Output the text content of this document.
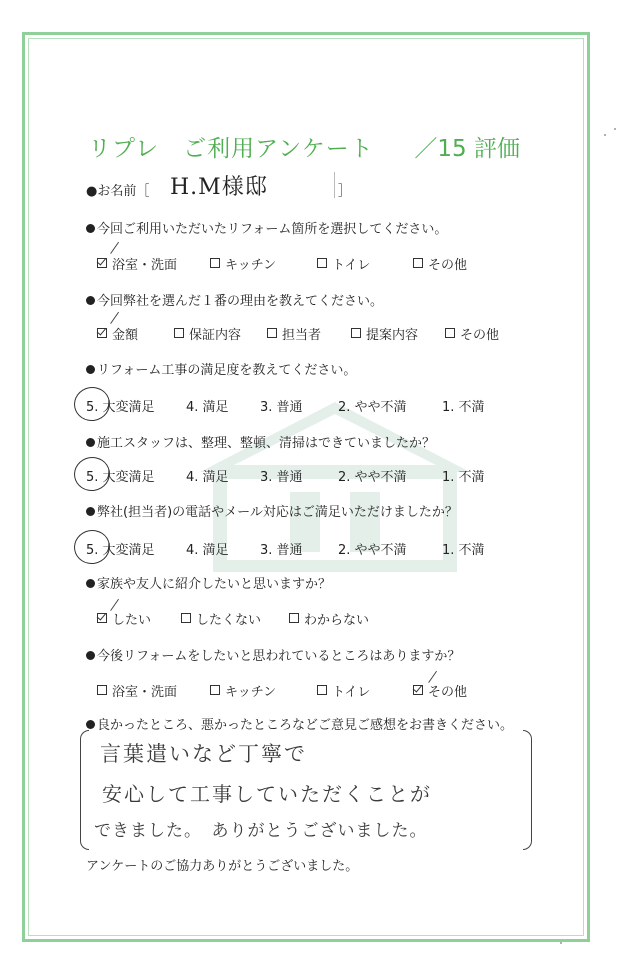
リプレ　ご利用アンケート ／15 評価
●お名前［ H.M様邸	］
今回ご利用いただいたリフォーム箇所を選択してください。
浴室・洗面	キッチン	トイレ	その他
今回弊社を選んだ１番の理由を教えてください。
金額	保証内容	担当者	提案内容	その他
リフォーム工事の満足度を教えてください。
5. 大変満足 4. 満足 3. 普通	2. やや不満	1. 不満
施工スタッフは、整理、整頓、清掃はできていましたか？
5. 大変満足 4. 満足 3. 普通	2. やや不満	1. 不満
弊社(担当者)の電話やメール対応はご満足いただけましたか？
5. 大変満足 4. 満足 3. 普通	2. やや不満	1. 不満
家族や友人に紹介したいと思いますか？
したい	したくない	わからない
今後リフォームをしたいと思われているところはありますか？
浴室・洗面	キッチン	トイレ	その他
良かったところ、悪かったところなどご意見ご感想をお書きください。
言葉遣いなど丁寧で
安心して工事していただくことが
できました。　ありがとうございました。
アンケートのご協力ありがとうございました。
